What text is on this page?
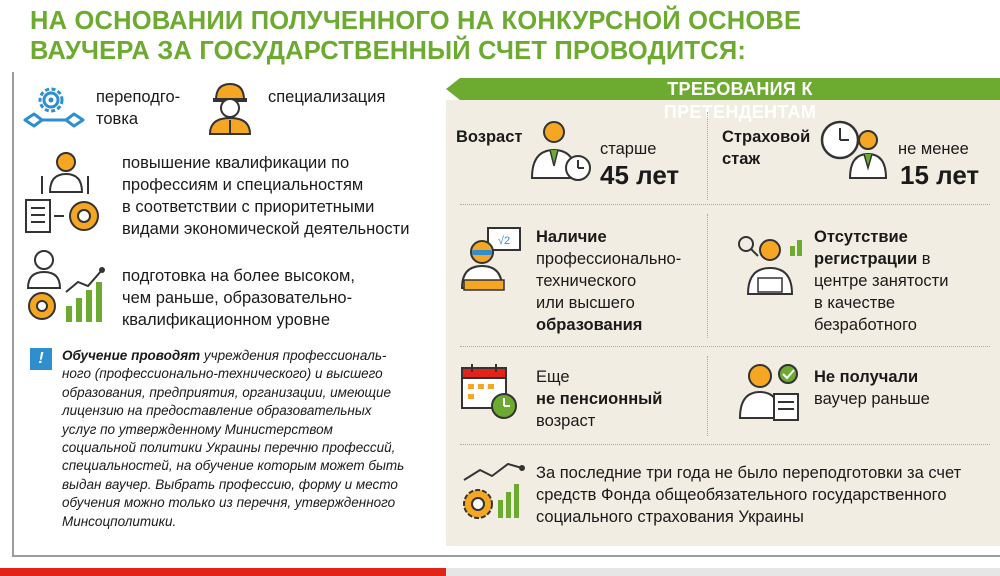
НА ОСНОВАНИИ ПОЛУЧЕННОГО НА КОНКУРСНОЙ ОСНОВЕ
ВАУЧЕРА ЗА ГОСУДАРСТВЕННЫЙ СЧЕТ ПРОВОДИТСЯ:
переподго-
товка
специализация
повышение квалификации по
профессиям и специальностям
в соответствии с приоритетными
видами экономической деятельности
подготовка на более высоком,
чем раньше, образовательно-
квалификационном уровне
!	Обучение проводят учреждения профессиональ-
ного (профессионально-технического) и высшего
образования, предприятия, организации, имеющие
лицензию на предоставление образовательных
услуг по утвержденному Министерством
социальной политики Украины перечню профессий,
специальностей, на обучение которым может быть
выдан ваучер. Выбрать профессию, форму и место
обучения можно только из перечня, утвержденного
Минсоцполитики.
ТРЕБОВАНИЯ К ПРЕТЕНДЕНТАМ
Возраст
старше
45 лет
Страховой
стаж
не менее
15 лет
√2 Наличие
профессионально-
технического
или высшего
образования
Отсутствие
регистрации в
центре занятости
в качестве
безработного
Еще
не пенсионный
возраст
Не получали
ваучер раньше
За последние три года не было переподготовки за счет
средств Фонда общеобязательного государственного
социального страхования Украины
